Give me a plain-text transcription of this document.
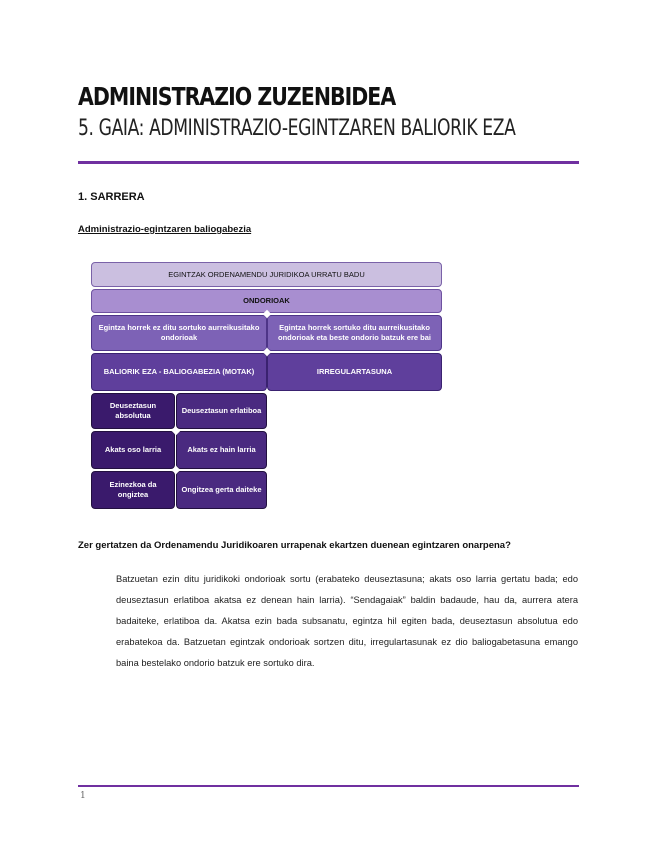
ADMINISTRAZIO ZUZENBIDEA
5. GAIA: ADMINISTRAZIO-EGINTZAREN BALIORIK EZA
1. SARRERA
Administrazio-egintzaren baliogabezia
EGINTZAK ORDENAMENDU JURIDIKOA URRATU BADU
ONDORIOAK
Egintza horrek ez ditu sortuko aurreikusitako ondorioak
Egintza horrek sortuko ditu aurreikusitako ondorioak eta beste ondorio batzuk ere bai
BALIORIK EZA - BALIOGABEZIA (MOTAK)	IRREGULARTASUNA
Deuseztasun absolutua
Deuseztasun erlatiboa
Akats oso larria	Akats ez hain larria
Ezinezkoa da ongiztea
Ongitzea gerta daiteke
Zer gertatzen da Ordenamendu Juridikoaren urrapenak ekartzen duenean egintzaren onarpena?
Batzuetan ezin ditu juridikoki ondorioak sortu (erabateko deuseztasuna; akats oso larria gertatu bada; edo deuseztasun erlatiboa akatsa ez denean hain larria). “Sendagaiak” baldin badaude, hau da, aurrera atera badaiteke, erlatiboa da. Akatsa ezin bada subsanatu, egintza hil egiten bada, deuseztasun absolutua edo erabatekoa da. Batzuetan egintzak ondorioak sortzen ditu, irregulartasunak ez dio baliogabetasuna emango baina bestelako ondorio batzuk ere sortuko dira.
1
